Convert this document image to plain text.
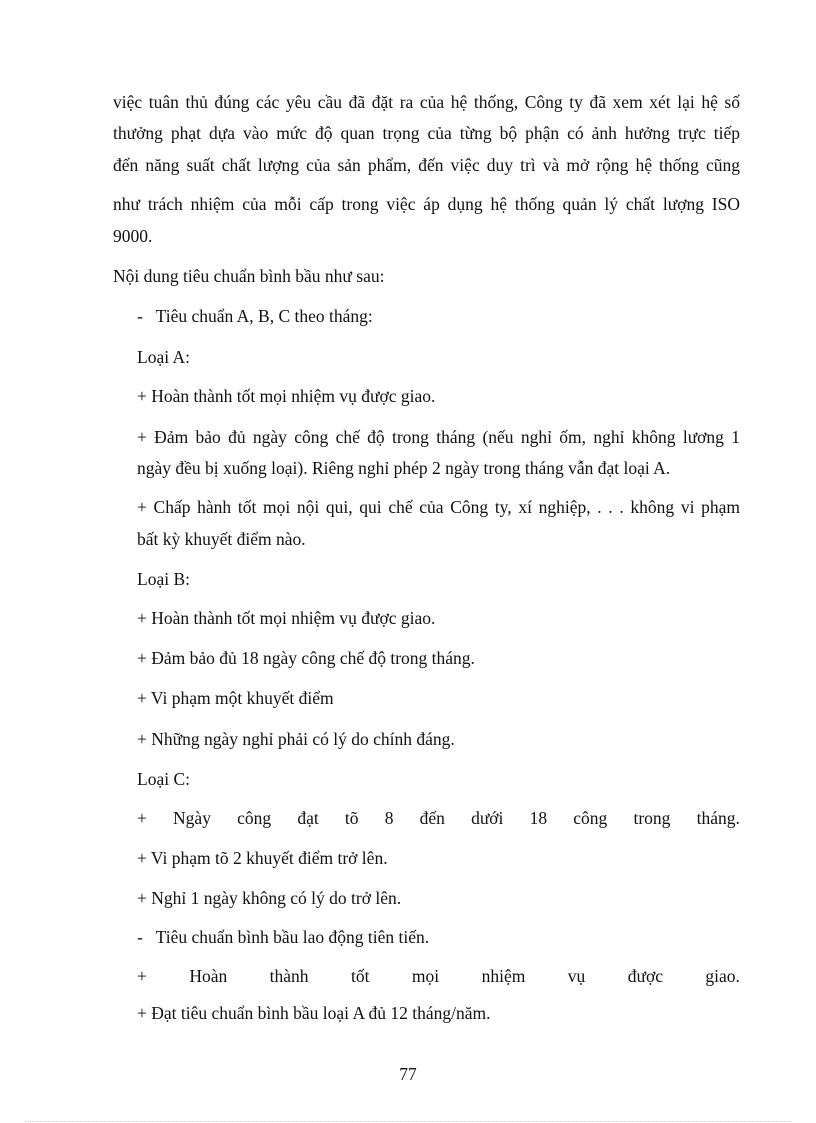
việc tuân thủ đúng các yêu cầu đã đặt ra của hệ thống, Công ty đã xem xét lại hệ số
thưởng phạt dựa vào mức độ quan trọng của từng bộ phận có ảnh hưởng trực tiếp
đến năng suất chất lượng của sản phẩm, đến việc duy trì và mở rộng hệ thống cũng
như trách nhiệm của mỗi cấp trong việc áp dụng hệ thống quản lý chất lượng ISO
9000.
Nội dung tiêu chuẩn bình bầu như sau:
-   Tiêu chuẩn A, B, C theo tháng:
Loại A:
+ Hoàn thành tốt mọi nhiệm vụ được giao.
+ Đảm bảo đủ ngày công chế độ trong tháng (nếu nghỉ ốm, nghỉ không lương 1
ngày đều bị xuống loại). Riêng nghỉ phép 2 ngày trong tháng vẫn đạt loại A.
+ Chấp hành tốt mọi nội qui, qui chế của Công ty, xí nghiệp, . . . không vi phạm
bất kỳ khuyết điểm nào.
Loại B:
+ Hoàn thành tốt mọi nhiệm vụ được giao.
+ Đảm bảo đủ 18 ngày công chế độ trong tháng.
+ Vi phạm một khuyết điểm
+ Những ngày nghỉ phải có lý do chính đáng.
Loại C:
+ Ngày công đạt tõ 8 đến dưới 18 công trong tháng.
+ Vi phạm tõ 2 khuyết điểm trở lên.
+ Nghỉ 1 ngày không có lý do trở lên.
-   Tiêu chuẩn bình bầu lao động tiên tiến.
+ Hoàn thành tốt mọi nhiệm vụ được giao.
+ Đạt tiêu chuẩn bình bầu loại A đủ 12 tháng/năm.
77
